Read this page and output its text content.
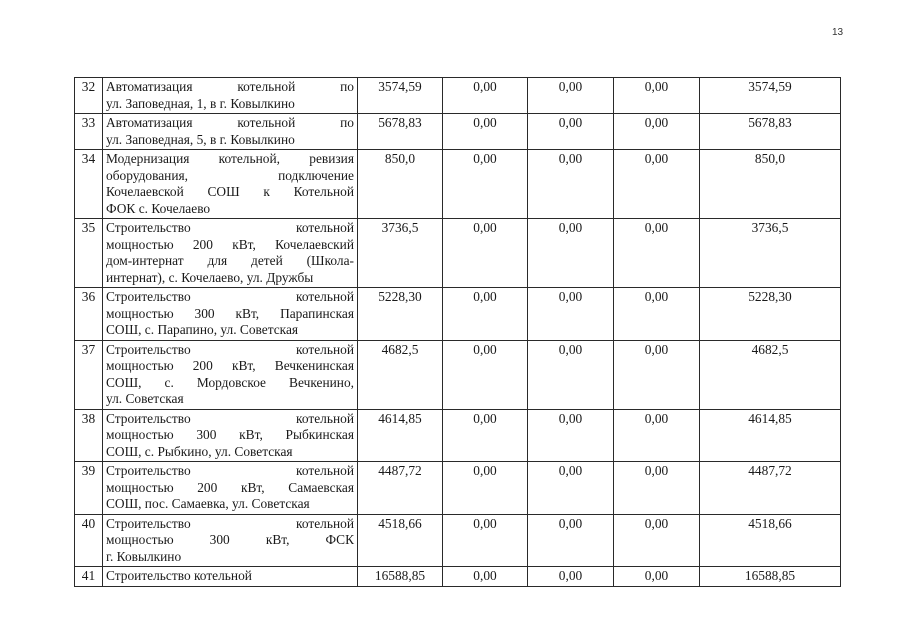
13
32	Автоматизация котельной по
ул. Заповедная, 1, в г. Ковылкино	3574,59	0,00	0,00	0,00	3574,59
33	Автоматизация котельной по
ул. Заповедная, 5, в г. Ковылкино	5678,83	0,00	0,00	0,00	5678,83
34	Модернизация котельной, ревизия
оборудования, подключение
Кочелаевской СОШ к Котельной
ФОК с. Кочелаево	850,0	0,00	0,00	0,00	850,0
35	Строительство котельной
мощностью 200 кВт, Кочелаевский
дом-интернат для детей (Школа-
интернат), с. Кочелаево, ул. Дружбы	3736,5	0,00	0,00	0,00	3736,5
36	Строительство котельной
мощностью 300 кВт, Парапинская
СОШ, с. Парапино, ул. Советская	5228,30	0,00	0,00	0,00	5228,30
37	Строительство котельной
мощностью 200 кВт, Вечкенинская
СОШ, с. Мордовское Вечкенино,
ул. Советская	4682,5	0,00	0,00	0,00	4682,5
38	Строительство котельной
мощностью 300 кВт, Рыбкинская
СОШ, с. Рыбкино, ул. Советская	4614,85	0,00	0,00	0,00	4614,85
39	Строительство котельной
мощностью 200 кВт, Самаевская
СОШ, пос. Самаевка, ул. Советская	4487,72	0,00	0,00	0,00	4487,72
40	Строительство котельной
мощностью 300 кВт, ФСК
г. Ковылкино	4518,66	0,00	0,00	0,00	4518,66
41	Строительство котельной	16588,85	0,00	0,00	0,00	16588,85
